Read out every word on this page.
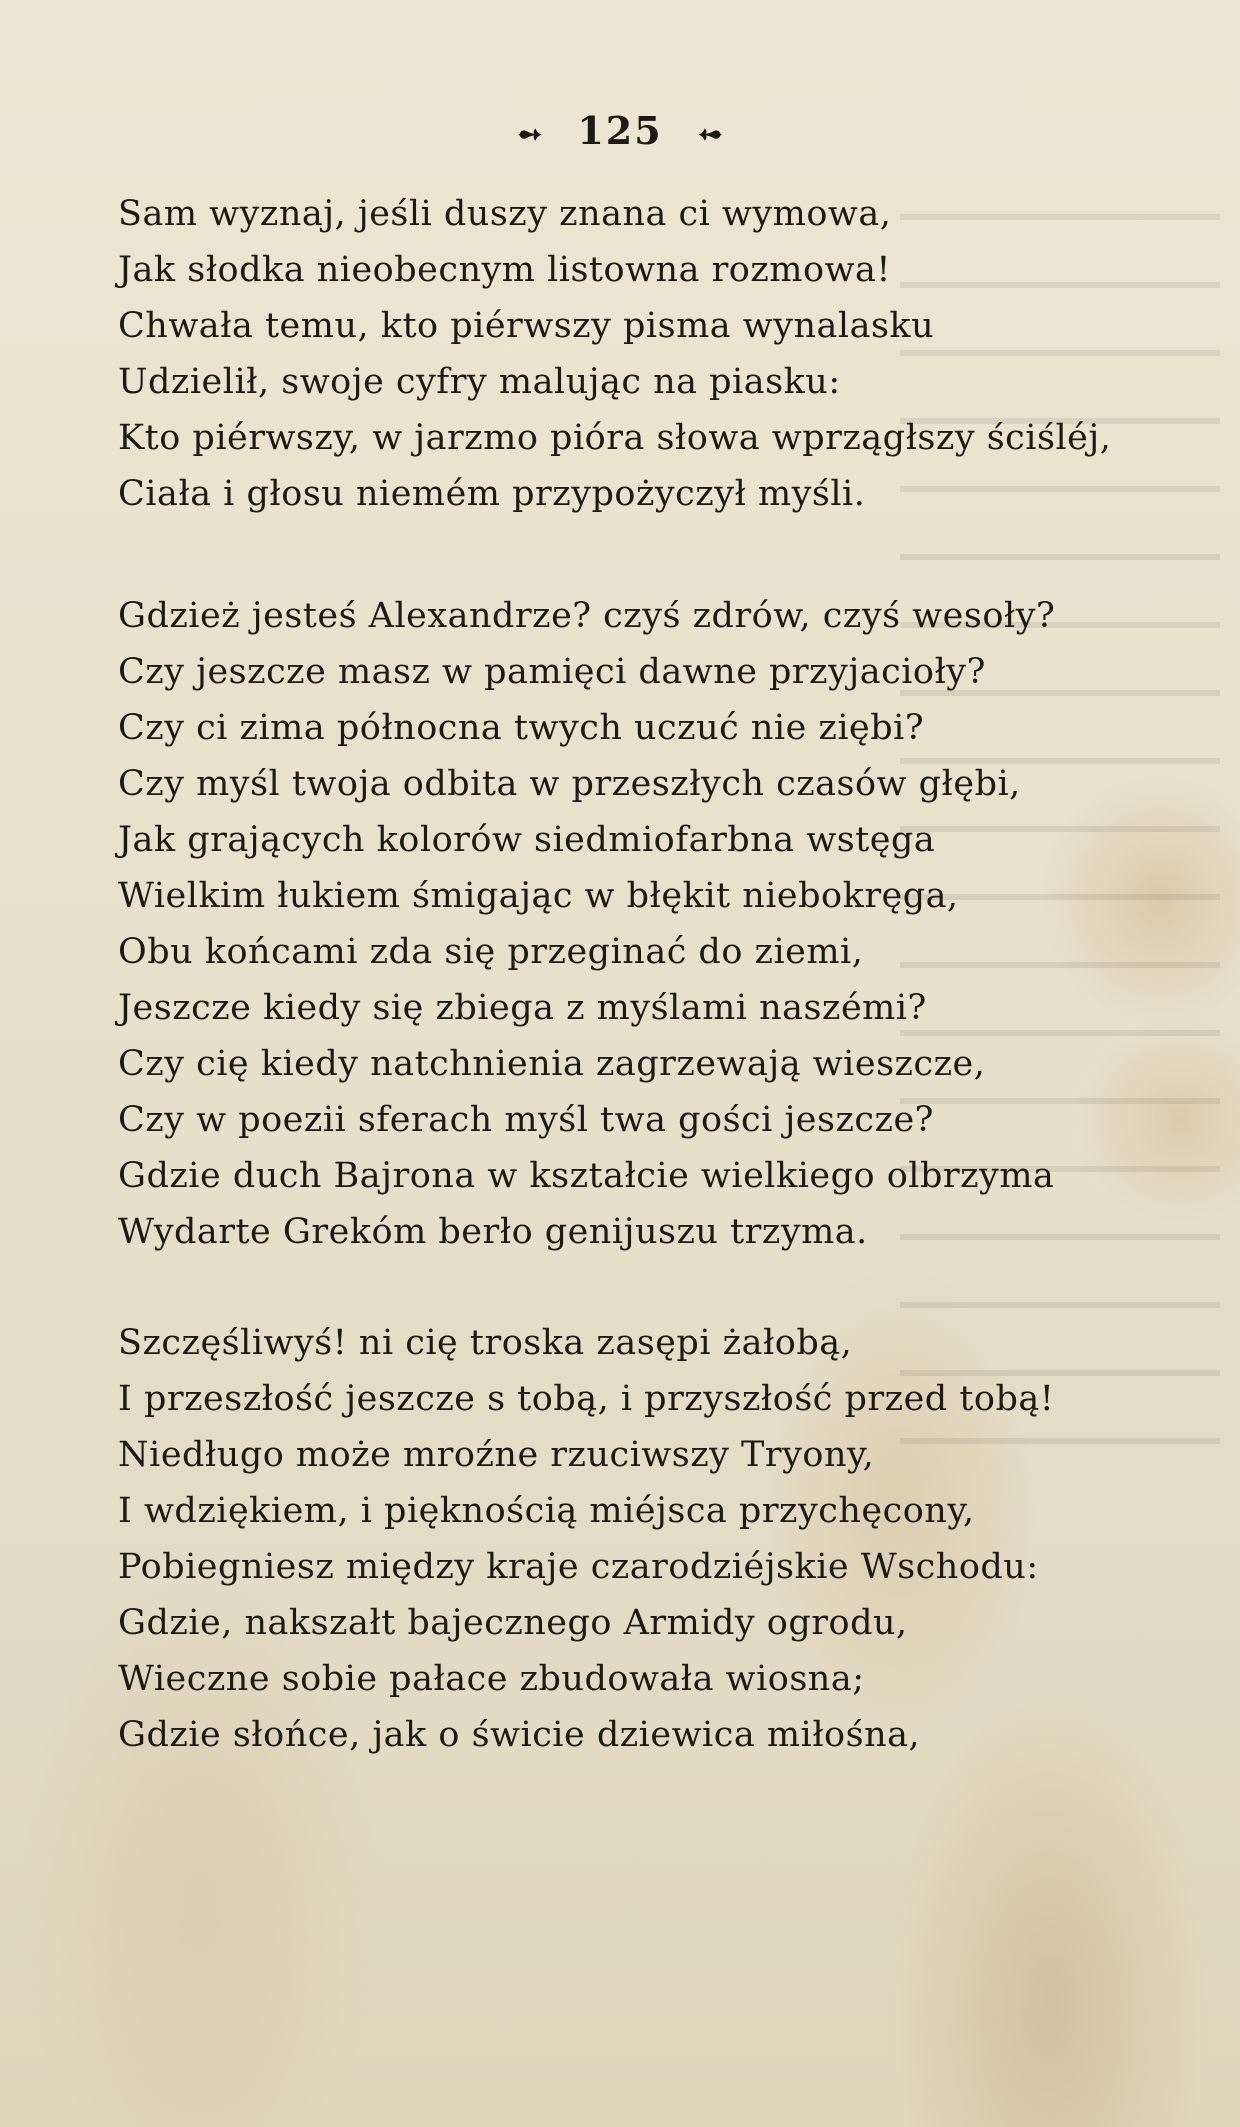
➻ 125 ➻
Sam wyznaj, jeśli duszy znana ci wymowa,
Jak słodka nieobecnym listowna rozmowa!
Chwała temu, kto piérwszy pisma wynalasku
Udzielił, swoje cyfry malując na piasku:
Kto piérwszy, w jarzmo pióra słowa wprzągłszy ściśléj,
Ciała i głosu niemém przypożyczył myśli.
Gdzież jesteś Alexandrze? czyś zdrów, czyś wesoły?
Czy jeszcze masz w pamięci dawne przyjacioły?
Czy ci zima północna twych uczuć nie ziębi?
Czy myśl twoja odbita w przeszłych czasów głębi,
Jak grających kolorów siedmiofarbna wstęga
Wielkim łukiem śmigając w błękit niebokręga,
Obu końcami zda się przeginać do ziemi,
Jeszcze kiedy się zbiega z myślami naszémi?
Czy cię kiedy natchnienia zagrzewają wieszcze,
Czy w poezii sferach myśl twa gości jeszcze?
Gdzie duch Bajrona w kształcie wielkiego olbrzyma
Wydarte Grekóm berło genijuszu trzyma.
Szczęśliwyś! ni cię troska zasępi żałobą,
I przeszłość jeszcze s tobą, i przyszłość przed tobą!
Niedługo może mroźne rzuciwszy Tryony,
I wdziękiem, i pięknością miéjsca przychęcony,
Pobiegniesz między kraje czarodziéjskie Wschodu:
Gdzie, nakszałt bajecznego Armidy ogrodu,
Wieczne sobie pałace zbudowała wiosna;
Gdzie słońce, jak o świcie dziewica miłośna,
